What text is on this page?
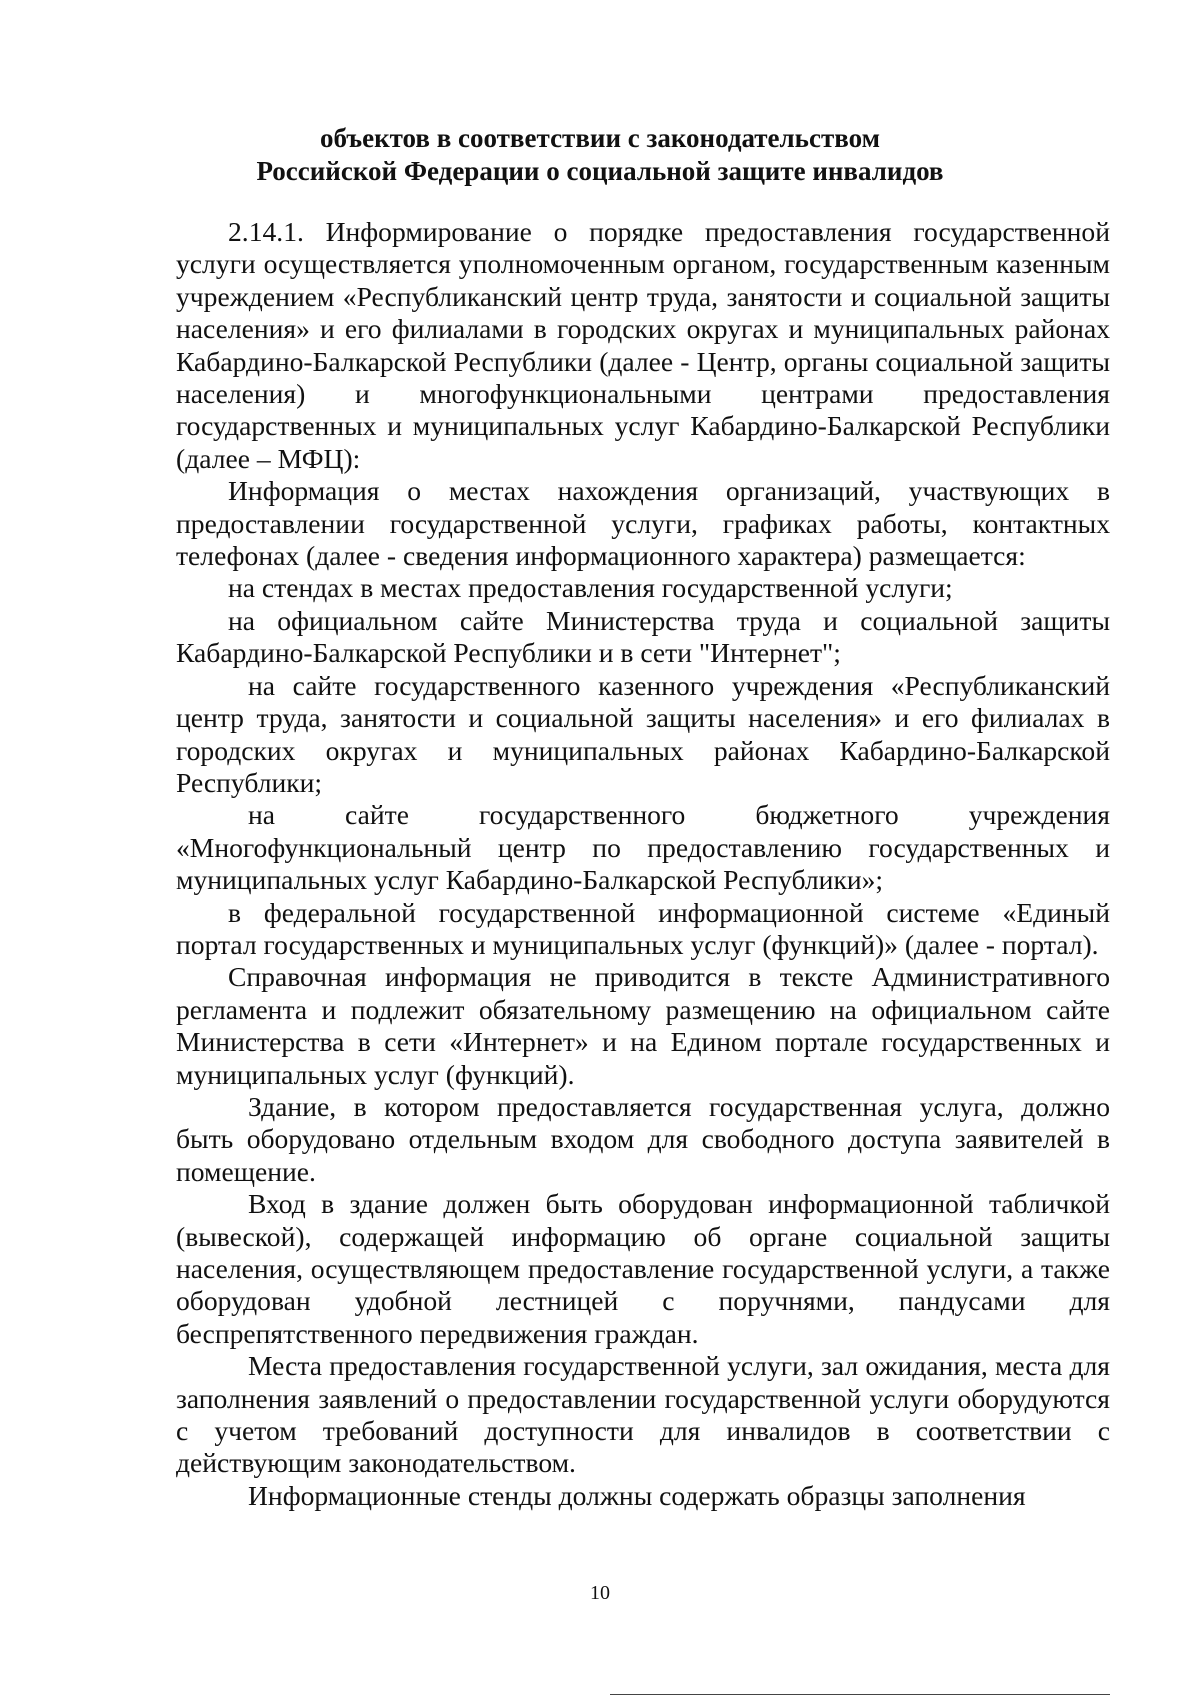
объектов в соответствии с законодательством
Российской Федерации о социальной защите инвалидов

2.14.1. Информирование о порядке предоставления государственной услуги осуществляется уполномоченным органом, государственным казенным учреждением «Республиканский центр труда, занятости и социальной защиты населения» и его филиалами в городских округах и муниципальных районах Кабардино-Балкарской Республики (далее - Центр, органы социальной защиты населения) и многофункциональными центрами предоставления государственных и муниципальных услуг Кабардино-Балкарской Республики (далее – МФЦ):

Информация о местах нахождения организаций, участвующих в предоставлении государственной услуги, графиках работы, контактных телефонах (далее - сведения информационного характера) размещается:

на стендах в местах предоставления государственной услуги;

на официальном сайте Министерства труда и социальной защиты Кабардино-Балкарской Республики и в сети "Интернет";

на сайте государственного казенного учреждения «Республиканский центр труда, занятости и социальной защиты населения» и его филиалах в городских округах и муниципальных районах Кабардино-Балкарской Республики;

на сайте государственного бюджетного учреждения «Многофункциональный центр по предоставлению государственных и муниципальных услуг Кабардино-Балкарской Республики»;

в федеральной государственной информационной системе «Единый портал государственных и муниципальных услуг (функций)» (далее - портал).

Справочная информация не приводится в тексте Административного регламента и подлежит обязательному размещению на официальном сайте Министерства в сети «Интернет» и на Едином портале государственных и муниципальных услуг (функций).

Здание, в котором предоставляется государственная услуга, должно быть оборудовано отдельным входом для свободного доступа заявителей в помещение.

Вход в здание должен быть оборудован информационной табличкой (вывеской), содержащей информацию об органе социальной защиты населения, осуществляющем предоставление государственной услуги, а также оборудован удобной лестницей с поручнями, пандусами для беспрепятственного передвижения граждан.

Места предоставления государственной услуги, зал ожидания, места для заполнения заявлений о предоставлении государственной услуги оборудуются с учетом требований доступности для инвалидов в соответствии с действующим законодательством.

Информационные стенды должны содержать образцы заполнения

10
